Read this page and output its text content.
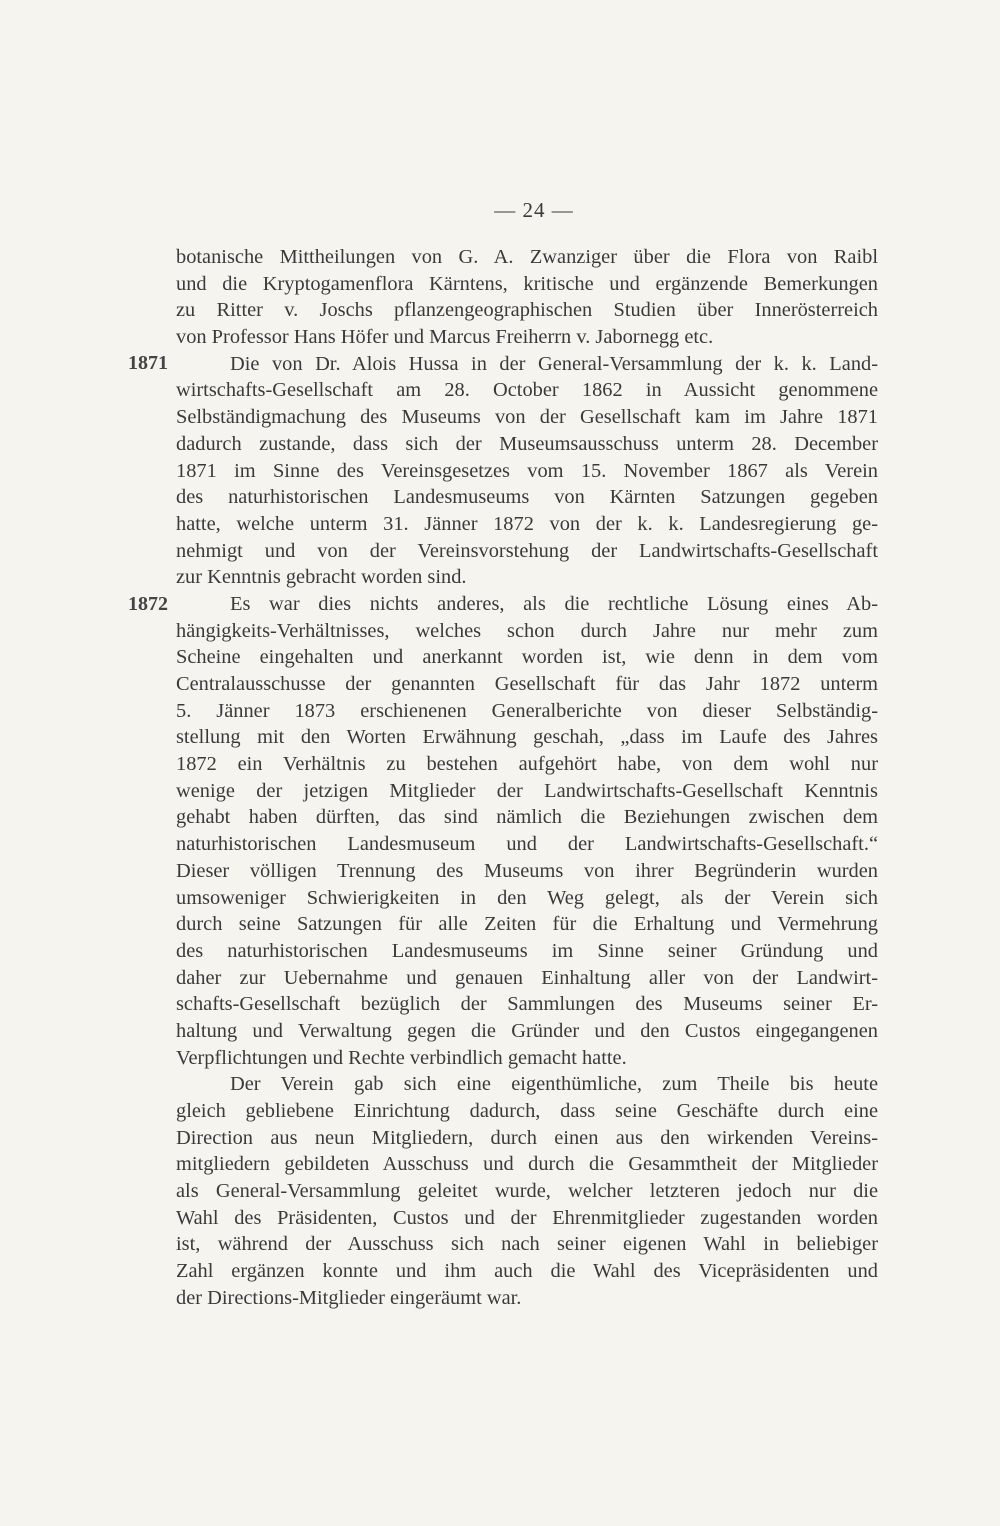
— 24 —
1871
1872
botanische Mittheilungen von G. A. Zwanziger über die Flora von Raibl
und die Kryptogamenflora Kärntens, kritische und ergänzende Bemerkungen
zu Ritter v. Joschs pflanzengeographischen Studien über Innerösterreich
von Professor Hans Höfer und Marcus Freiherrn v. Jabornegg etc.
Die von Dr. Alois Hussa in der General-Versammlung der k. k. Land-
wirtschafts-Gesellschaft am 28. October 1862 in Aussicht genommene
Selbständigmachung des Museums von der Gesellschaft kam im Jahre 1871
dadurch zustande, dass sich der Museumsausschuss unterm 28. December
1871 im Sinne des Vereinsgesetzes vom 15. November 1867 als Verein
des naturhistorischen Landesmuseums von Kärnten Satzungen gegeben
hatte, welche unterm 31. Jänner 1872 von der k. k. Landesregierung ge-
nehmigt und von der Vereinsvorstehung der Landwirtschafts-Gesellschaft
zur Kenntnis gebracht worden sind.
Es war dies nichts anderes, als die rechtliche Lösung eines Ab-
hängigkeits-Verhältnisses, welches schon durch Jahre nur mehr zum
Scheine eingehalten und anerkannt worden ist, wie denn in dem vom
Centralausschusse der genannten Gesellschaft für das Jahr 1872 unterm
5. Jänner 1873 erschienenen Generalberichte von dieser Selbständig-
stellung mit den Worten Erwähnung geschah, „dass im Laufe des Jahres
1872 ein Verhältnis zu bestehen aufgehört habe, von dem wohl nur
wenige der jetzigen Mitglieder der Landwirtschafts-Gesellschaft Kenntnis
gehabt haben dürften, das sind nämlich die Beziehungen zwischen dem
naturhistorischen Landesmuseum und der Landwirtschafts-Gesellschaft.“
Dieser völligen Trennung des Museums von ihrer Begründerin wurden
umsoweniger Schwierigkeiten in den Weg gelegt, als der Verein sich
durch seine Satzungen für alle Zeiten für die Erhaltung und Vermehrung
des naturhistorischen Landesmuseums im Sinne seiner Gründung und
daher zur Uebernahme und genauen Einhaltung aller von der Landwirt-
schafts-Gesellschaft bezüglich der Sammlungen des Museums seiner Er-
haltung und Verwaltung gegen die Gründer und den Custos eingegangenen
Verpflichtungen und Rechte verbindlich gemacht hatte.
Der Verein gab sich eine eigenthümliche, zum Theile bis heute
gleich gebliebene Einrichtung dadurch, dass seine Geschäfte durch eine
Direction aus neun Mitgliedern, durch einen aus den wirkenden Vereins-
mitgliedern gebildeten Ausschuss und durch die Gesammtheit der Mitglieder
als General-Versammlung geleitet wurde, welcher letzteren jedoch nur die
Wahl des Präsidenten, Custos und der Ehrenmitglieder zugestanden worden
ist, während der Ausschuss sich nach seiner eigenen Wahl in beliebiger
Zahl ergänzen konnte und ihm auch die Wahl des Vicepräsidenten und
der Directions-Mitglieder eingeräumt war.
